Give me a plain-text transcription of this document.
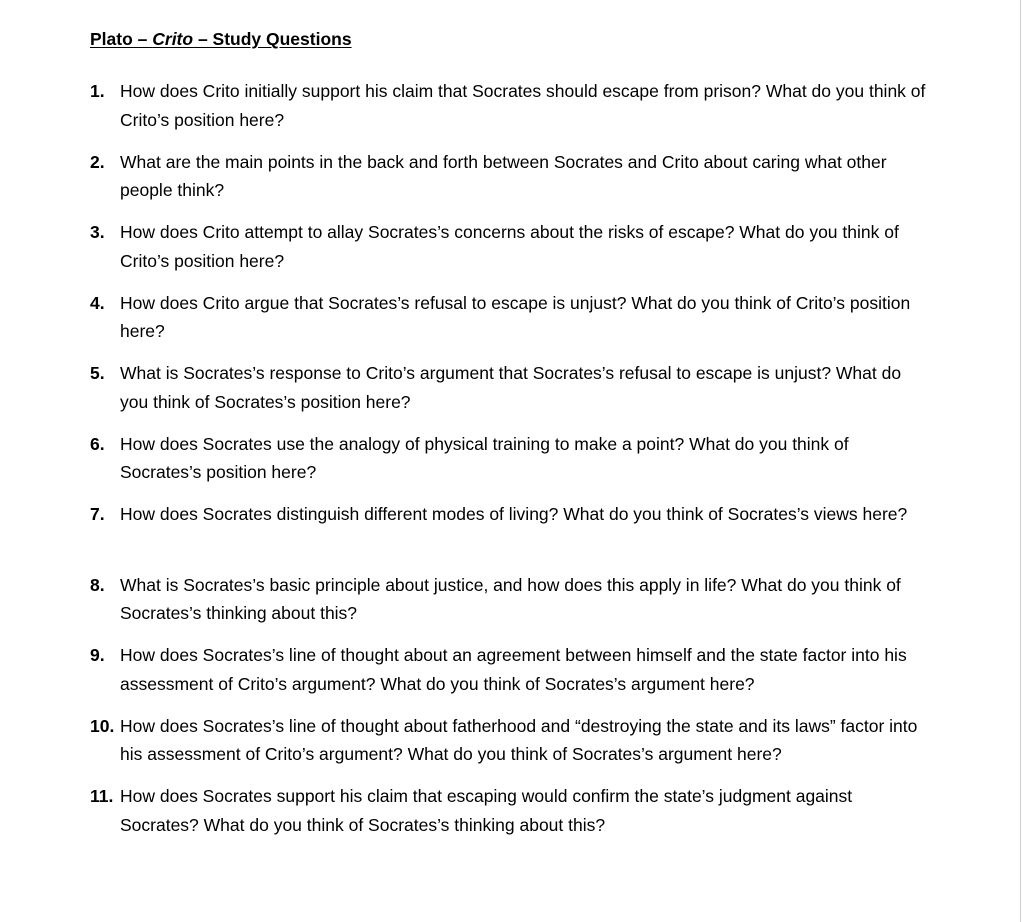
Plato – Crito – Study Questions
1. How does Crito initially support his claim that Socrates should escape from prison? What do you think of Crito’s position here?
2. What are the main points in the back and forth between Socrates and Crito about caring what other people think?
3. How does Crito attempt to allay Socrates’s concerns about the risks of escape? What do you think of Crito’s position here?
4. How does Crito argue that Socrates’s refusal to escape is unjust? What do you think of Crito’s position here?
5. What is Socrates’s response to Crito’s argument that Socrates’s refusal to escape is unjust? What do you think of Socrates’s position here?
6. How does Socrates use the analogy of physical training to make a point? What do you think of Socrates’s position here?
7. How does Socrates distinguish different modes of living? What do you think of Socrates’s views here?
8. What is Socrates’s basic principle about justice, and how does this apply in life? What do you think of Socrates’s thinking about this?
9. How does Socrates’s line of thought about an agreement between himself and the state factor into his assessment of Crito’s argument? What do you think of Socrates’s argument here?
10. How does Socrates’s line of thought about fatherhood and “destroying the state and its laws” factor into his assessment of Crito’s argument? What do you think of Socrates’s argument here?
11. How does Socrates support his claim that escaping would confirm the state’s judgment against Socrates? What do you think of Socrates’s thinking about this?
